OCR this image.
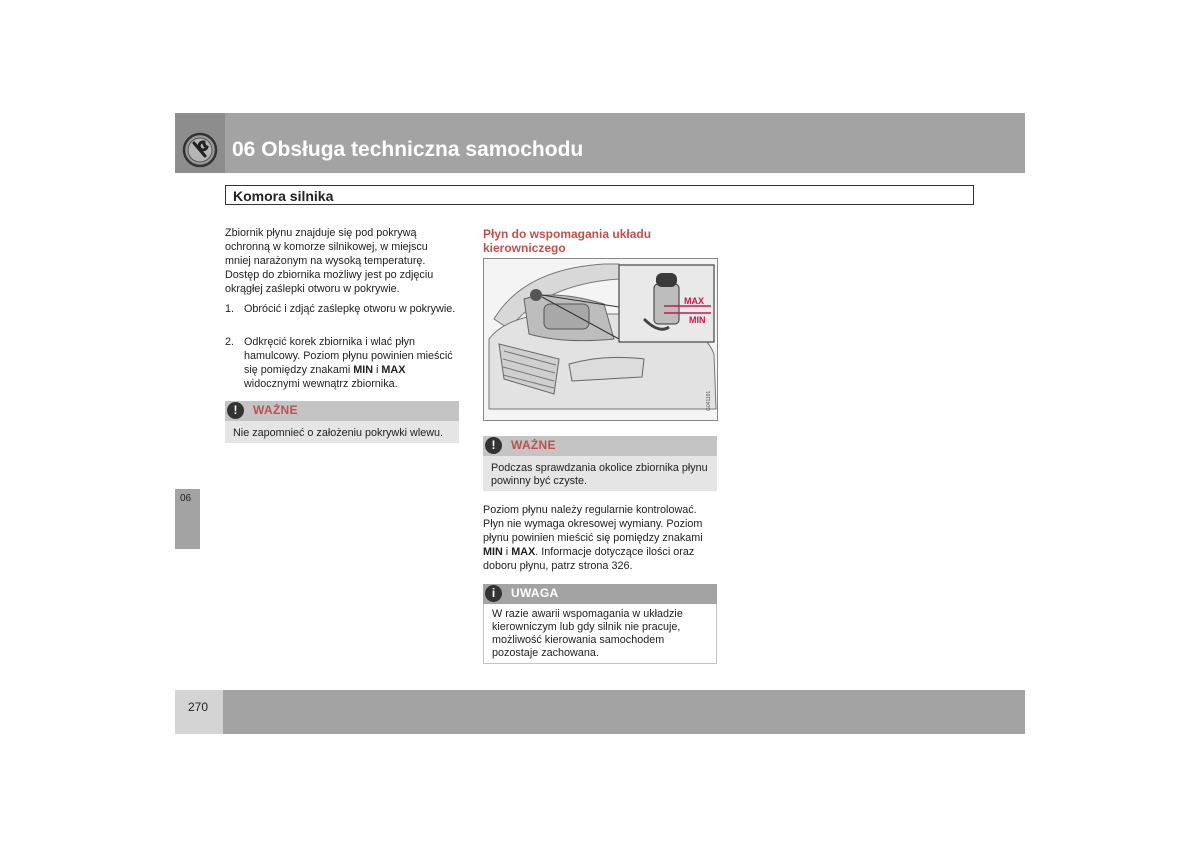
06 Obsługa techniczna samochodu
Komora silnika
06
Zbiornik płynu znajduje się pod pokrywą ochronną w komorze silnikowej, w miejscu mniej narażonym na wysoką temperaturę. Dostęp do zbiornika możliwy jest po zdjęciu okrągłej zaślepki otworu w pokrywie.
1. Obrócić i zdjąć zaślepkę otworu w pokrywie.
2. Odkręcić korek zbiornika i wlać płyn hamulcowy. Poziom płynu powinien mieścić się pomiędzy znakami MIN i MAX widocznymi wewnątrz zbiornika.
!	WAŻNE
Nie zapomnieć o założeniu pokrywki wlewu.
Płyn do wspomagania układu kierowniczego
MAX
MIN
G041191
!	WAŻNE
Podczas sprawdzania okolice zbiornika płynu powinny być czyste.
Poziom płynu należy regularnie kontrolować. Płyn nie wymaga okresowej wymiany. Poziom płynu powinien mieścić się pomiędzy znakami MIN i MAX. Informacje dotyczące ilości oraz doboru płynu, patrz strona 326.
i	UWAGA
W razie awarii wspomagania w układzie kierowniczym lub gdy silnik nie pracuje, możliwość kierowania samochodem pozostaje zachowana.
270
